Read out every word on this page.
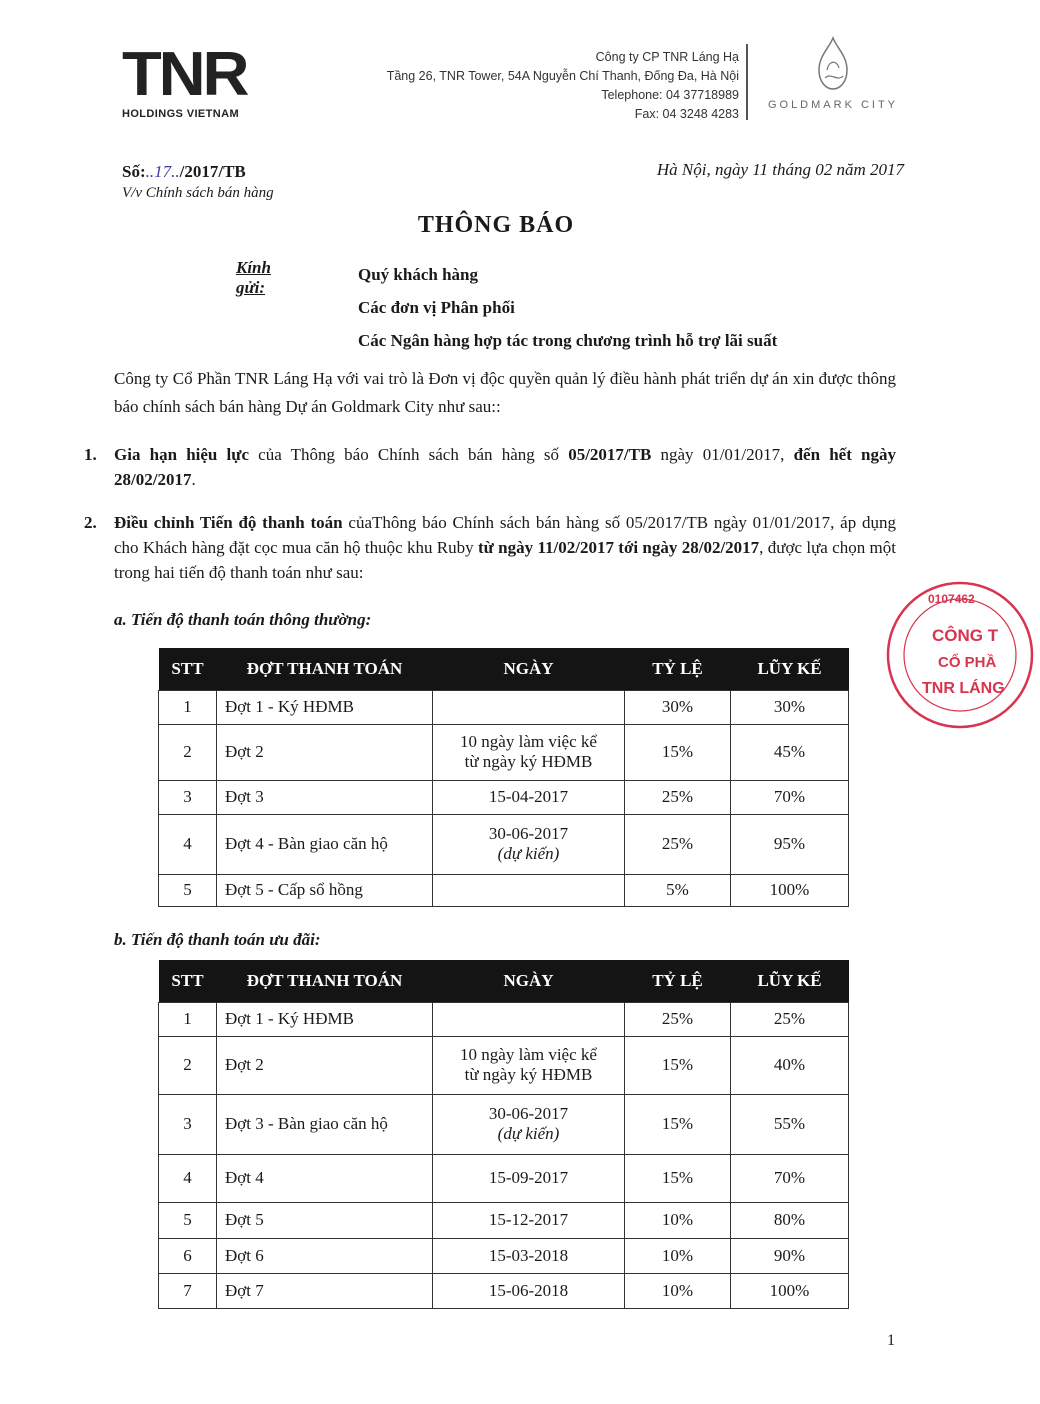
TNR
HOLDINGS VIETNAM
Công ty CP TNR Láng Hạ
Tầng 26, TNR Tower, 54A Nguyễn Chí Thanh, Đống Đa, Hà Nội
Telephone: 04 37718989
Fax: 04 3248 4283
GOLDMARK CITY
Số:..17../2017/TB
V/v Chính sách bán hàng
Hà Nội, ngày 11 tháng 02 năm 2017
THÔNG BÁO
Kính gửi:
Quý khách hàng
Các đơn vị Phân phối
Các Ngân hàng hợp tác trong chương trình hỗ trợ lãi suất
Công ty Cổ Phần TNR Láng Hạ với vai trò là Đơn vị độc quyền quản lý điều hành phát triển dự án xin được thông báo chính sách bán hàng Dự án Goldmark City như sau::
1. Gia hạn hiệu lực của Thông báo Chính sách bán hàng số 05/2017/TB ngày 01/01/2017, đến hết ngày 28/02/2017.
2. Điều chỉnh Tiến độ thanh toán củaThông báo Chính sách bán hàng số 05/2017/TB ngày 01/01/2017, áp dụng cho Khách hàng đặt cọc mua căn hộ thuộc khu Ruby từ ngày 11/02/2017 tới ngày 28/02/2017, được lựa chọn một trong hai tiến độ thanh toán như sau:
a. Tiến độ thanh toán thông thường:
STT	ĐỢT THANH TOÁN	NGÀY	TỶ LỆ	LŨY KẾ
1	Đợt 1 - Ký HĐMB		30%	30%
2	Đợt 2	10 ngày làm việc kể
từ ngày ký HĐMB	15%	45%
3	Đợt 3	15-04-2017	25%	70%
4	Đợt 4 - Bàn giao căn hộ	30-06-2017
(dự kiến)	25%	95%
5	Đợt 5 - Cấp sổ hồng		5%	100%
b. Tiến độ thanh toán ưu đãi:
STT	ĐỢT THANH TOÁN	NGÀY	TỶ LỆ	LŨY KẾ
1	Đợt 1 - Ký HĐMB		25%	25%
2	Đợt 2	10 ngày làm việc kể
từ ngày ký HĐMB	15%	40%
3	Đợt 3 - Bàn giao căn hộ	30-06-2017
(dự kiến)	15%	55%
4	Đợt 4	15-09-2017	15%	70%
5	Đợt 5	15-12-2017	10%	80%
6	Đợt 6	15-03-2018	10%	90%
7	Đợt 7	15-06-2018	10%	100%
0107462
CÔNG T
CỔ PHẦ
TNR LÁNG
1
